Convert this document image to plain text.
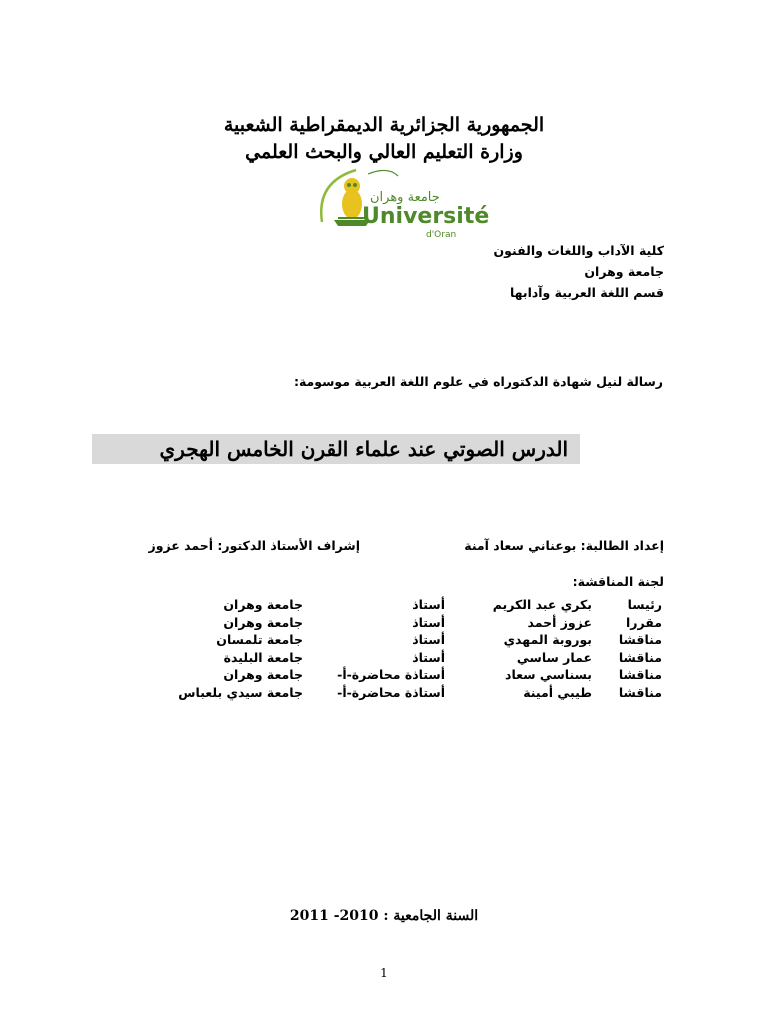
الجمهورية الجزائرية الديمقراطية الشعبية
وزارة التعليم العالي والبحث العلمي
جامعة وهران
Université
d'Oran
كلية الآداب واللغات والفنون
جامعة وهران
قسم اللغة العربية وآدابها
رسالة لنيل شهادة الدكتوراه في علوم اللغة العربية موسومة:
الدرس الصوتي عند علماء القرن الخامس الهجري
إعداد الطالبة: بوعناني سعاد آمنة
إشراف الأستاذ الدكتور: أحمد عزوز
لجنة المناقشة:
رئيسا
بكري عبد الكريم
أستاذ
جامعة وهران
مقررا
عزوز أحمد
أستاذ
جامعة وهران
مناقشا
بوروبة المهدي
أستاذ
جامعة تلمسان
مناقشا
عمار ساسي
أستاذ
جامعة البليدة
مناقشا
بسناسي سعاد
أستاذة محاضرة-أ-
جامعة وهران
مناقشا
طيبي أمينة
أستاذة محاضرة-أ-
جامعة سيدي بلعباس
السنة الجامعية : 2010- 2011
1
